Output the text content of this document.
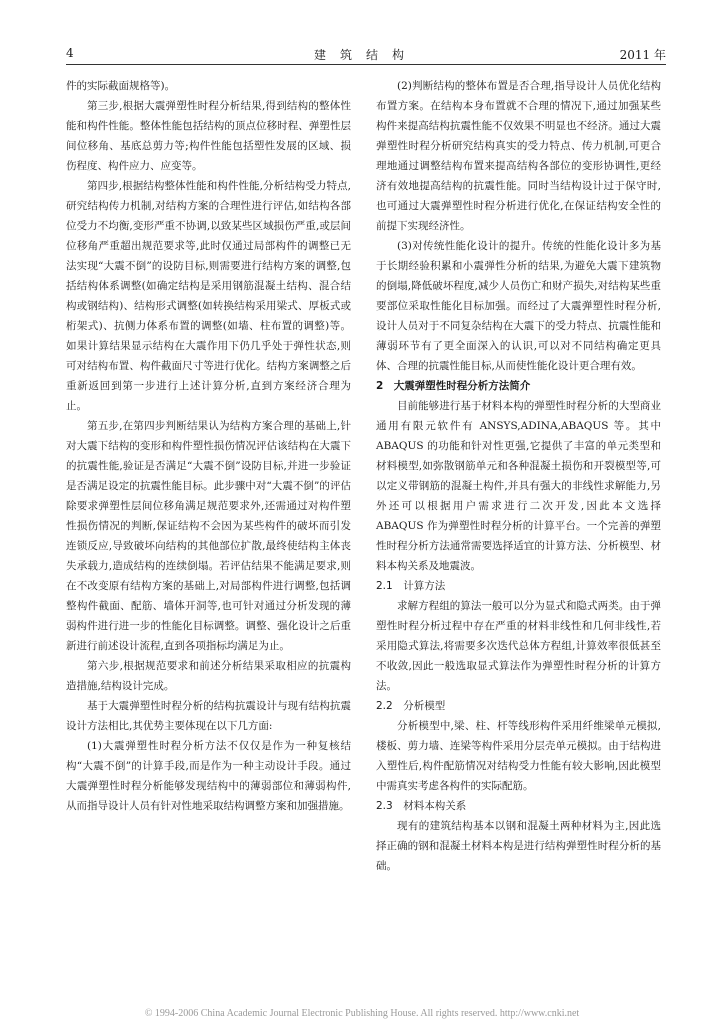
4	建筑结构	2011 年

件的实际截面规格等)。

第三步,根据大震弹塑性时程分析结果,得到结构的整体性能和构件性能。整体性能包括结构的顶点位移时程、弹塑性层间位移角、基底总剪力等;构件性能包括塑性发展的区域、损伤程度、构件应力、应变等。

第四步,根据结构整体性能和构件性能,分析结构受力特点,研究结构传力机制,对结构方案的合理性进行评估,如结构各部位受力不均衡,变形严重不协调,以致某些区域损伤严重,或层间位移角严重超出规范要求等,此时仅通过局部构件的调整已无法实现“大震不倒”的设防目标,则需要进行结构方案的调整,包括结构体系调整(如确定结构是采用钢筋混凝土结构、混合结构或钢结构)、结构形式调整(如转换结构采用梁式、厚板式或桁架式)、抗侧力体系布置的调整(如墙、柱布置的调整)等。如果计算结果显示结构在大震作用下仍几乎处于弹性状态,则可对结构布置、构件截面尺寸等进行优化。结构方案调整之后重新返回到第一步进行上述计算分析,直到方案经济合理为止。

第五步,在第四步判断结果认为结构方案合理的基础上,针对大震下结构的变形和构件塑性损伤情况评估该结构在大震下的抗震性能,验证是否满足“大震不倒”设防目标,并进一步验证是否满足设定的抗震性能目标。此步骤中对“大震不倒”的评估除要求弹塑性层间位移角满足规范要求外,还需通过对构件塑性损伤情况的判断,保证结构不会因为某些构件的破坏而引发连锁反应,导致破坏向结构的其他部位扩散,最终使结构主体丧失承载力,造成结构的连续倒塌。若评估结果不能满足要求,则在不改变原有结构方案的基础上,对局部构件进行调整,包括调整构件截面、配筋、墙体开洞等,也可针对通过分析发现的薄弱构件进行进一步的性能化目标调整。调整、强化设计之后重新进行前述设计流程,直到各项指标均满足为止。

第六步,根据规范要求和前述分析结果采取相应的抗震构造措施,结构设计完成。

基于大震弹塑性时程分析的结构抗震设计与现有结构抗震设计方法相比,其优势主要体现在以下几方面:

(1)大震弹塑性时程分析方法不仅仅是作为一种复核结构“大震不倒”的计算手段,而是作为一种主动设计手段。通过大震弹塑性时程分析能够发现结构中的薄弱部位和薄弱构件,从而指导设计人员有针对性地采取结构调整方案和加强措施。

(2)判断结构的整体布置是否合理,指导设计人员优化结构布置方案。在结构本身布置就不合理的情况下,通过加强某些构件来提高结构抗震性能不仅效果不明显也不经济。通过大震弹塑性时程分析研究结构真实的受力特点、传力机制,可更合理地通过调整结构布置来提高结构各部位的变形协调性,更经济有效地提高结构的抗震性能。同时当结构设计过于保守时,也可通过大震弹塑性时程分析进行优化,在保证结构安全性的前提下实现经济性。

(3)对传统性能化设计的提升。传统的性能化设计多为基于长期经验积累和小震弹性分析的结果,为避免大震下建筑物的倒塌,降低破坏程度,减少人员伤亡和财产损失,对结构某些重要部位采取性能化目标加强。而经过了大震弹塑性时程分析,设计人员对于不同复杂结构在大震下的受力特点、抗震性能和薄弱环节有了更全面深入的认识,可以对不同结构确定更具体、合理的抗震性能目标,从而使性能化设计更合理有效。

2　大震弹塑性时程分析方法简介

目前能够进行基于材料本构的弹塑性时程分析的大型商业通用有限元软件有 ANSYS,ADINA,ABAQUS 等。其中 ABAQUS 的功能和针对性更强,它提供了丰富的单元类型和材料模型,如弥散钢筋单元和各种混凝土损伤和开裂模型等,可以定义带钢筋的混凝土构件,并具有强大的非线性求解能力,另外还可以根据用户需求进行二次开发,因此本文选择 ABAQUS 作为弹塑性时程分析的计算平台。一个完善的弹塑性时程分析方法通常需要选择适宜的计算方法、分析模型、材料本构关系及地震波。

2.1　计算方法

求解方程组的算法一般可以分为显式和隐式两类。由于弹塑性时程分析过程中存在严重的材料非线性和几何非线性,若采用隐式算法,将需要多次迭代总体方程组,计算效率很低甚至不收敛,因此一般选取显式算法作为弹塑性时程分析的计算方法。

2.2　分析模型

分析模型中,梁、柱、杆等线形构件采用纤维梁单元模拟,楼板、剪力墙、连梁等构件采用分层壳单元模拟。由于结构进入塑性后,构件配筋情况对结构受力性能有较大影响,因此模型中需真实考虑各构件的实际配筋。

2.3　材料本构关系

现有的建筑结构基本以钢和混凝土两种材料为主,因此选择正确的钢和混凝土材料本构是进行结构弹塑性时程分析的基础。

© 1994-2006 China Academic Journal Electronic Publishing House. All rights reserved. http://www.cnki.net
